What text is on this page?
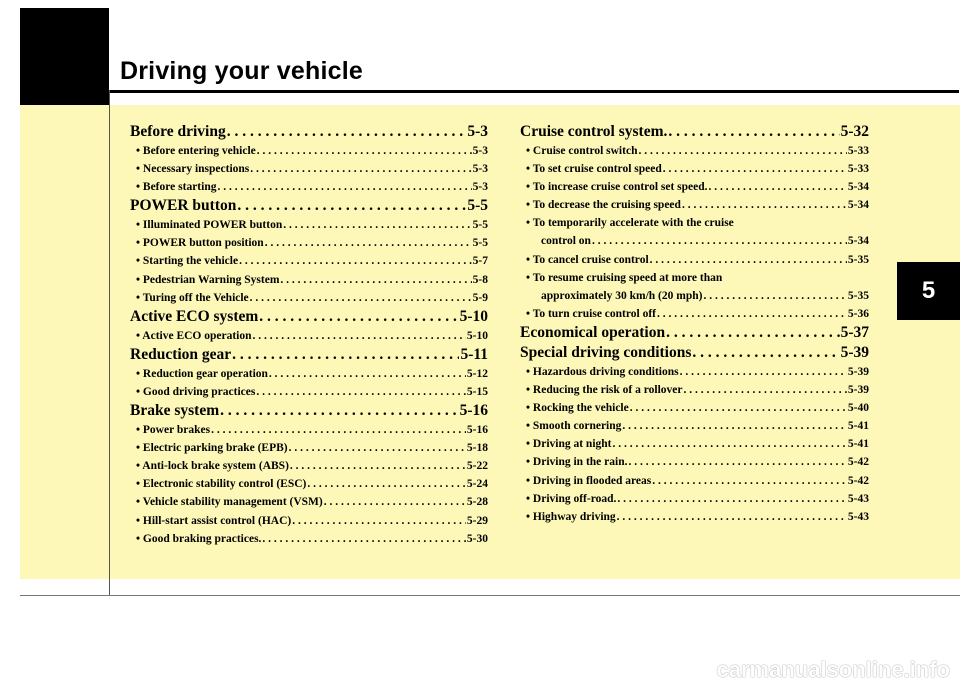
Driving your vehicle
5
Before driving . . .	5-3
• Before entering vehicle . . .	5-3
• Necessary inspections . . .	5-3
• Before starting . . .	5-3
POWER button . . .	5-5
• Illuminated POWER button . . .	5-5
• POWER button position . . .	5-5
• Starting the vehicle . . .	5-7
• Pedestrian Warning System . . .	5-8
• Turing off the Vehicle . . .	5-9
Active ECO system . . .	5-10
• Active ECO operation . . .	5-10
Reduction gear . . .	5-11
• Reduction gear operation . . .	5-12
• Good driving practices . . .	5-15
Brake system . . .	5-16
• Power brakes . . .	5-16
• Electric parking brake (EPB) . . .	5-18
• Anti-lock brake system (ABS) . . .	5-22
• Electronic stability control (ESC) . . .	5-24
• Vehicle stability management (VSM) . . .	5-28
• Hill-start assist control (HAC) . . .	5-29
• Good braking practices. . . .	5-30
Cruise control system. . . .	5-32
• Cruise control switch . . .	5-33
• To set cruise control speed . . .	5-33
• To increase cruise control set speed. . . .	5-34
• To decrease the cruising speed . . .	5-34
• To temporarily accelerate with the cruise
control on . . .	5-34
• To cancel cruise control . . .	5-35
• To resume cruising speed at more than
approximately 30 km/h (20 mph) . . .	5-35
• To turn cruise control off . . .	5-36
Economical operation . . .	5-37
Special driving conditions . . .	5-39
• Hazardous driving conditions . . .	5-39
• Reducing the risk of a rollover . . .	5-39
• Rocking the vehicle . . .	5-40
• Smooth cornering . . .	5-41
• Driving at night . . .	5-41
• Driving in the rain. . . .	5-42
• Driving in flooded areas . . .	5-42
• Driving off-road. . . .	5-43
• Highway driving . . .	5-43
carmanualsonline.info
